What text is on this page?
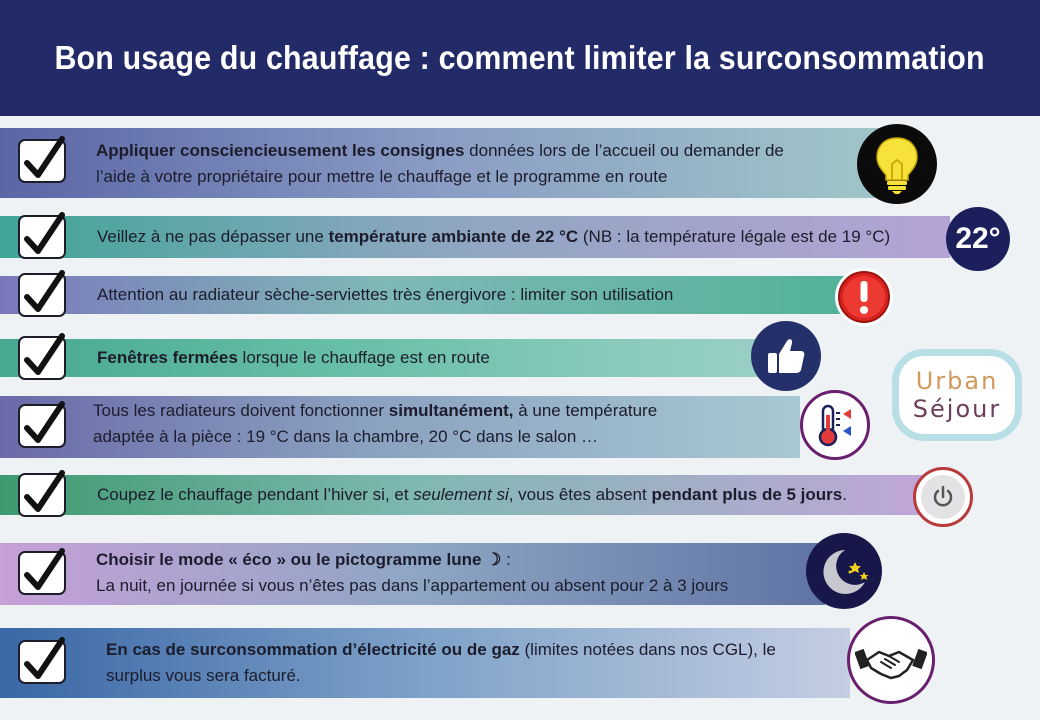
Bon usage du chauffage : comment limiter la surconsommation
Appliquer consciencieusement les consignes données lors de l’accueil ou demander de
l’aide à votre propriétaire pour mettre le chauffage et le programme en route
Veillez à ne pas dépasser une température ambiante de 22 °C (NB : la température légale est de 19 °C) 22°
Attention au radiateur sèche-serviettes très énergivore : limiter son utilisation
Fenêtres fermées lorsque le chauffage est en route
Tous les radiateurs doivent fonctionner simultanément, à une température
adaptée à la pièce : 19 °C dans la chambre, 20 °C dans le salon …
Coupez le chauffage pendant l’hiver si, et seulement si, vous êtes absent pendant plus de 5 jours.
Choisir le mode « éco » ou le pictogramme lune ☽ :
La nuit, en journée si vous n’êtes pas dans l’appartement ou absent pour 2 à 3 jours
En cas de surconsommation d’électricité ou de gaz (limites notées dans nos CGL), le
surplus vous sera facturé.
Urban
Séjour
